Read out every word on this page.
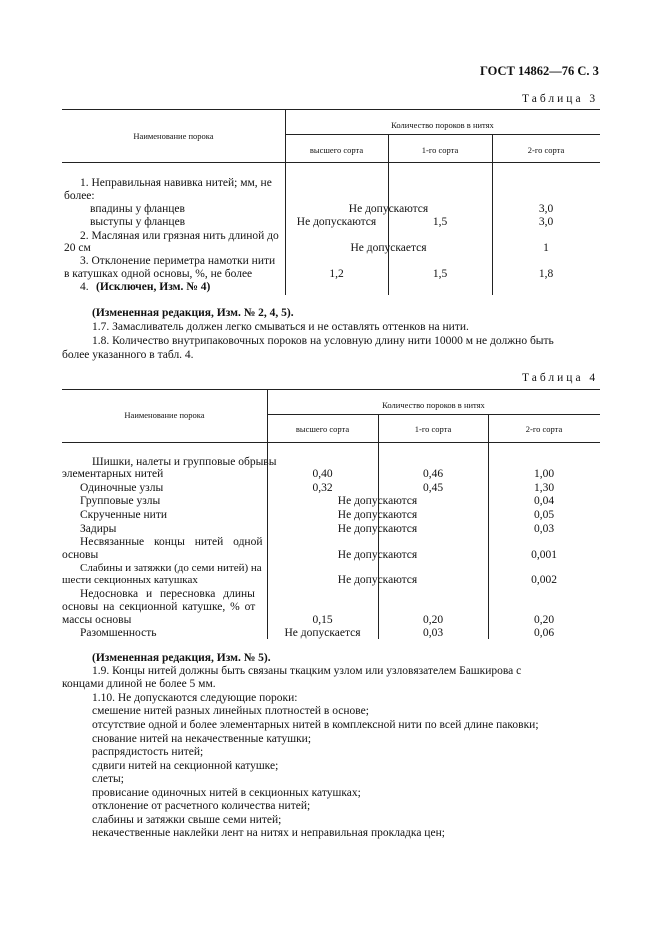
ГОСТ 14862—76 С. 3
Таблица 3
Наименование порока
Количество пороков в нитях
высшего сорта	1-го сорта	2-го сорта
1. Неправильная навивка нитей; мм, не
более:
впадины у фланцев	Не допускаются	3,0
выступы у фланцев	Не допускаются	1,5	3,0
2. Масляная или грязная нить длиной до
20 см	Не допускается	1
3. Отклонение периметра намотки нити
в катушках одной основы, %, не более	1,2	1,5	1,8
4. (Исключен, Изм. № 4)
(Измененная редакция, Изм. № 2, 4, 5).
1.7. Замасливатель должен легко смываться и не оставлять оттенков на нити.
1.8. Количество внутрипаковочных пороков на условную длину нити 10000 м не должно быть
более указанного в табл. 4.
Таблица 4
Наименование порока
Количество пороков в нитях
высшего сорта	1-го сорта	2-го сорта
Шишки, налеты и групповые обрывы
элементарных нитей	0,40	0,46	1,00
Одиночные узлы	0,32	0,45	1,30
Групповые узлы	Не допускаются	0,04
Скрученные нити	Не допускаются	0,05
Задиры	Не допускаются	0,03
Несвязанные концы нитей одной
основы	Не допускаются	0,001
Слабины и затяжки (до семи нитей) на
шести секционных катушках	Не допускаются	0,002
Недосновка и пересновка длины
основы на секционной катушке, % от
массы основы	0,15	0,20	0,20
Разомшенность	Не допускается	0,03	0,06
(Измененная редакция, Изм. № 5).
1.9. Концы нитей должны быть связаны ткацким узлом или узловязателем Башкирова с
концами длиной не более 5 мм.
1.10. Не допускаются следующие пороки:
смешение нитей разных линейных плотностей в основе;
отсутствие одной и более элементарных нитей в комплексной нити по всей длине паковки;
снование нитей на некачественные катушки;
распрядистость нитей;
сдвиги нитей на секционной катушке;
слеты;
провисание одиночных нитей в секционных катушках;
отклонение от расчетного количества нитей;
слабины и затяжки свыше семи нитей;
некачественные наклейки лент на нитях и неправильная прокладка цен;
